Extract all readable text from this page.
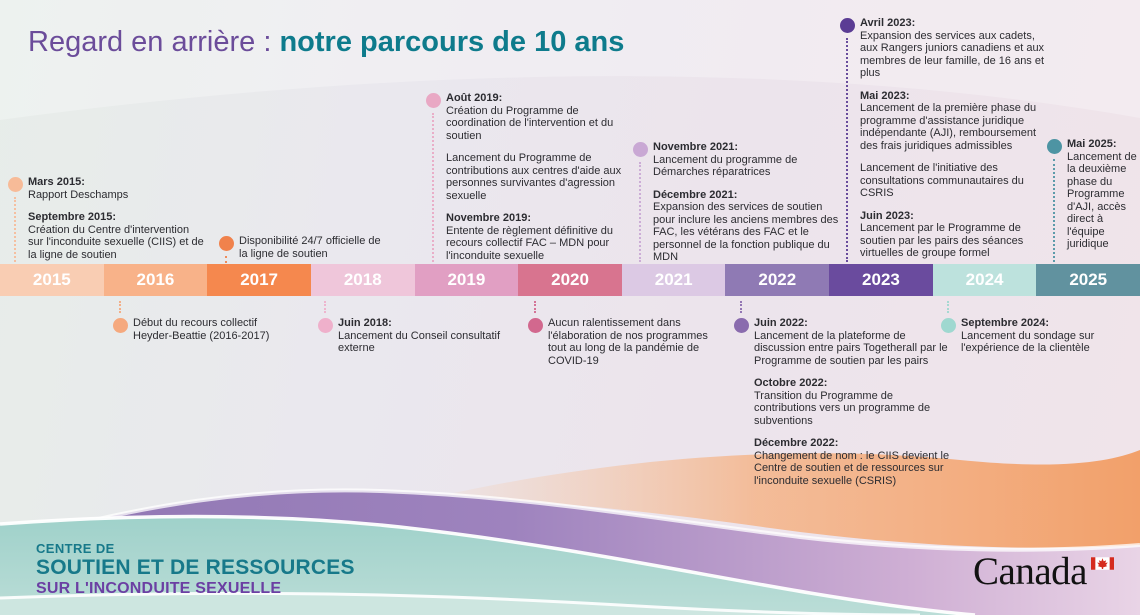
Regard en arrière : notre parcours de 10 ans
2015	2016	2017	2018	2019	2020	2021	2022	2023	2024	2025

Mars 2015:
Rapport Deschamps

Septembre 2015:
Création du Centre d'intervention sur l'inconduite sexuelle (CIIS) et de la ligne de soutien

Disponibilité 24/7 officielle de la ligne de soutien

Août 2019:
Création du Programme de coordination de l'intervention et du soutien

Lancement du Programme de contributions aux centres d'aide aux personnes survivantes d'agression sexuelle

Novembre 2019:
Entente de règlement définitive du recours collectif FAC – MDN pour l'inconduite sexuelle

Novembre 2021:
Lancement du programme de Démarches réparatrices

Décembre 2021:
Expansion des services de soutien pour inclure les anciens membres des FAC, les vétérans des FAC et le personnel de la fonction publique du MDN

Avril 2023:
Expansion des services aux cadets, aux Rangers juniors canadiens et aux membres de leur famille, de 16 ans et plus

Mai 2023:
Lancement de la première phase du programme d'assistance juridique indépendante (AJI), remboursement des frais juridiques admissibles

Lancement de l'initiative des consultations communautaires du CSRIS

Juin 2023:
Lancement par le Programme de soutien par les pairs des séances virtuelles de groupe formel

Mai 2025:
Lancement de la deuxième phase du Programme d'AJI, accès direct à l'équipe juridique

Début du recours collectif Heyder-Beattie (2016-2017)

Juin 2018:
Lancement du Conseil consultatif externe

Aucun ralentissement dans l'élaboration de nos programmes tout au long de la pandémie de COVID-19

Juin 2022:
Lancement de la plateforme de discussion entre pairs Togetherall par le Programme de soutien par les pairs

Octobre 2022:
Transition du Programme de contributions vers un programme de subventions

Décembre 2022:
Changement de nom : le CIIS devient le Centre de soutien et de ressources sur l'inconduite sexuelle (CSRIS)

Septembre 2024:
Lancement du sondage sur l'expérience de la clientèle

CENTRE DE
SOUTIEN ET DE RESSOURCES
SUR L'INCONDUITE SEXUELLE	Canada
